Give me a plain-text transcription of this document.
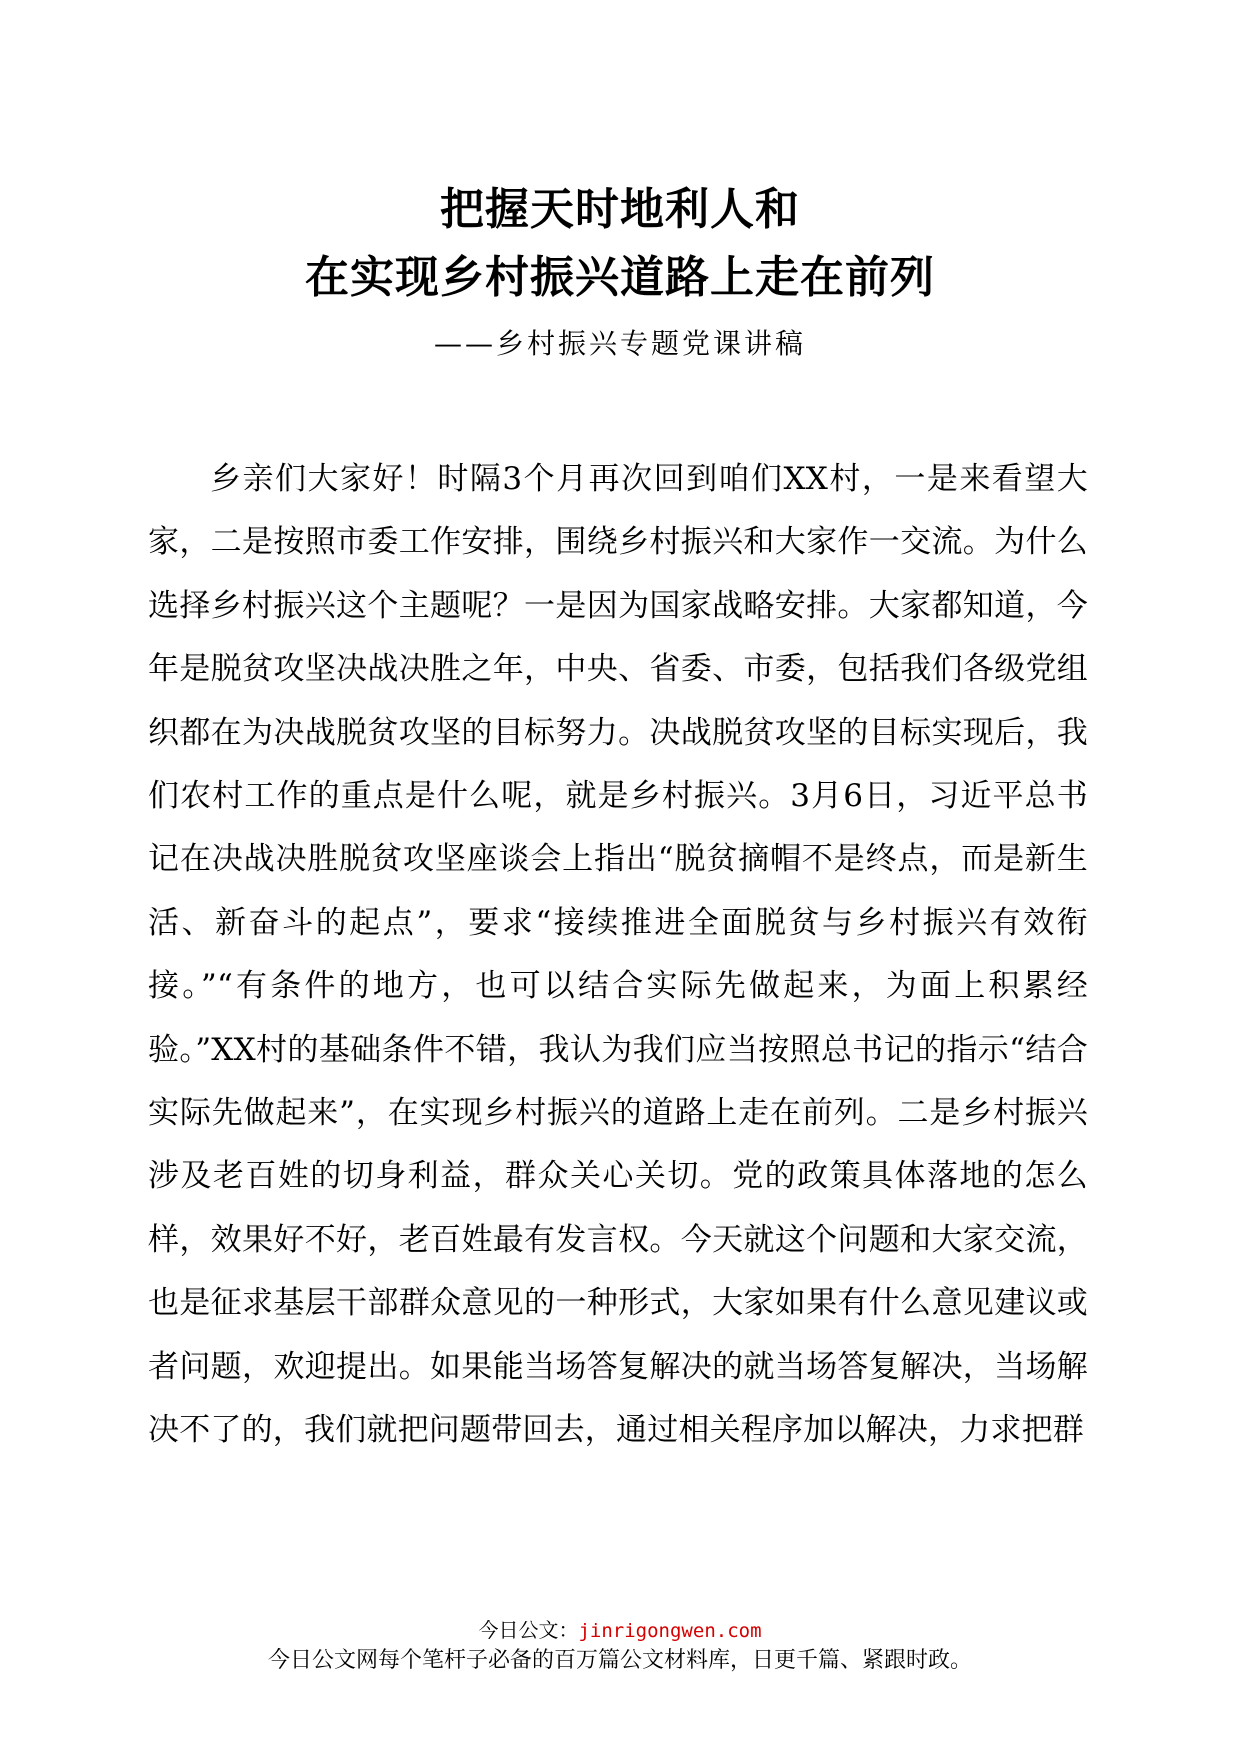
把握天时地利人和
在实现乡村振兴道路上走在前列

——乡村振兴专题党课讲稿

乡亲们大家好！时隔3个月再次回到咱们XX村，一是来看望大家，二是按照市委工作安排，围绕乡村振兴和大家作一交流。为什么选择乡村振兴这个主题呢？一是因为国家战略安排。大家都知道，今年是脱贫攻坚决战决胜之年，中央、省委、市委，包括我们各级党组织都在为决战脱贫攻坚的目标努力。决战脱贫攻坚的目标实现后，我们农村工作的重点是什么呢，就是乡村振兴。3月6日，习近平总书记在决战决胜脱贫攻坚座谈会上指出“脱贫摘帽不是终点，而是新生活、新奋斗的起点”，要求“接续推进全面脱贫与乡村振兴有效衔接。”“有条件的地方，也可以结合实际先做起来，为面上积累经验。”XX村的基础条件不错，我认为我们应当按照总书记的指示“结合实际先做起来”，在实现乡村振兴的道路上走在前列。二是乡村振兴涉及老百姓的切身利益，群众关心关切。党的政策具体落地的怎么样，效果好不好，老百姓最有发言权。今天就这个问题和大家交流，也是征求基层干部群众意见的一种形式，大家如果有什么意见建议或者问题，欢迎提出。如果能当场答复解决的就当场答复解决，当场解决不了的，我们就把问题带回去，通过相关程序加以解决，力求把群

今日公文：jinrigongwen.com

今日公文网每个笔杆子必备的百万篇公文材料库，日更千篇、紧跟时政。
